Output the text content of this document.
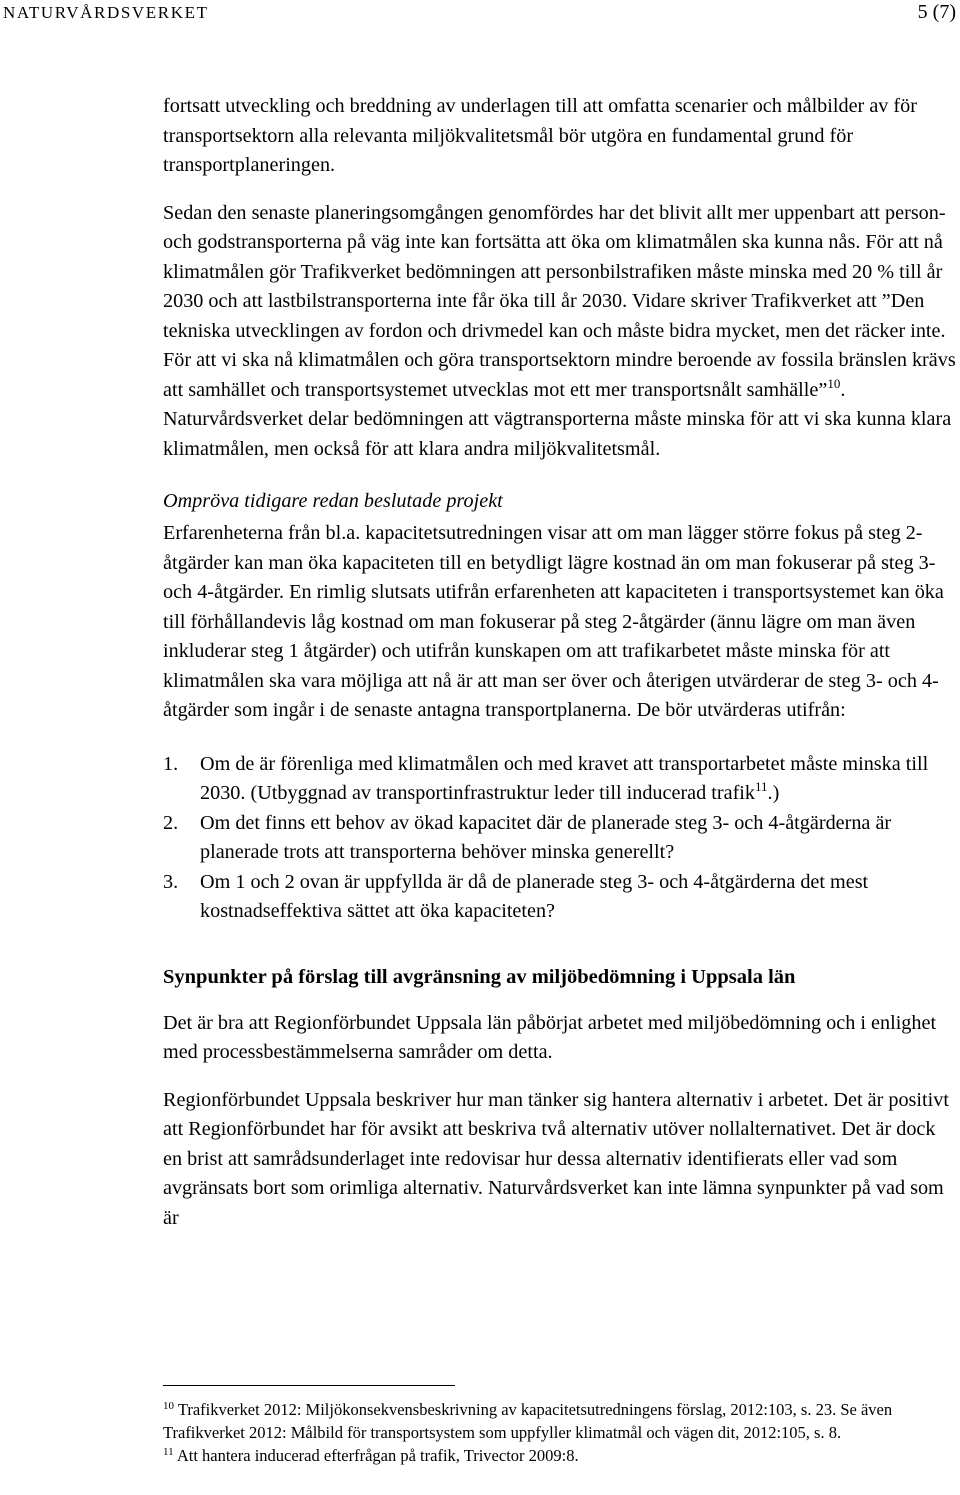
NATURVÅRDSVERKET	5 (7)

fortsatt utveckling och breddning av underlagen till att omfatta scenarier och målbilder av för transportsektorn alla relevanta miljökvalitetsmål bör utgöra en fundamental grund för transportplaneringen.

Sedan den senaste planeringsomgången genomfördes har det blivit allt mer uppenbart att person- och godstransporterna på väg inte kan fortsätta att öka om klimatmålen ska kunna nås. För att nå klimatmålen gör Trafikverket bedömningen att personbilstrafiken måste minska med 20 % till år 2030 och att lastbilstransporterna inte får öka till år 2030. Vidare skriver Trafikverket att ”Den tekniska utvecklingen av fordon och drivmedel kan och måste bidra mycket, men det räcker inte. För att vi ska nå klimatmålen och göra transportsektorn mindre beroende av fossila bränslen krävs att samhället och transportsystemet utvecklas mot ett mer transportsnålt samhälle”$^{10}$. Naturvårdsverket delar bedömningen att vägtransporterna måste minska för att vi ska kunna klara klimatmålen, men också för att klara andra miljökvalitetsmål.

Ompröva tidigare redan beslutade projekt

Erfarenheterna från bl.a. kapacitetsutredningen visar att om man lägger större fokus på steg 2-åtgärder kan man öka kapaciteten till en betydligt lägre kostnad än om man fokuserar på steg 3- och 4-åtgärder. En rimlig slutsats utifrån erfarenheten att kapaciteten i transportsystemet kan öka till förhållandevis låg kostnad om man fokuserar på steg 2-åtgärder (ännu lägre om man även inkluderar steg 1 åtgärder) och utifrån kunskapen om att trafikarbetet måste minska för att klimatmålen ska vara möjliga att nå är att man ser över och återigen utvärderar de steg 3- och 4-åtgärder som ingår i de senaste antagna transportplanerna. De bör utvärderas utifrån:

1. Om de är förenliga med klimatmålen och med kravet att transportarbetet måste minska till 2030. (Utbyggnad av transportinfrastruktur leder till inducerad trafik$^{11}$.)
2. Om det finns ett behov av ökad kapacitet där de planerade steg 3- och 4-åtgärderna är planerade trots att transporterna behöver minska generellt?
3. Om 1 och 2 ovan är uppfyllda är då de planerade steg 3- och 4-åtgärderna det mest kostnadseffektiva sättet att öka kapaciteten?
Synpunkter på förslag till avgränsning av miljöbedömning i Uppsala län

Det är bra att Regionförbundet Uppsala län påbörjat arbetet med miljöbedömning och i enlighet med processbestämmelserna samråder om detta.

Regionförbundet Uppsala beskriver hur man tänker sig hantera alternativ i arbetet. Det är positivt att Regionförbundet har för avsikt att beskriva två alternativ utöver nollalternativet. Det är dock en brist att samrådsunderlaget inte redovisar hur dessa alternativ identifierats eller vad som avgränsats bort som orimliga alternativ. Naturvårdsverket kan inte lämna synpunkter på vad som är

$^{10}$ Trafikverket 2012: Miljökonsekvensbeskrivning av kapacitetsutredningens förslag, 2012:103, s. 23. Se även Trafikverket 2012: Målbild för transportsystem som uppfyller klimatmål och vägen dit, 2012:105, s. 8.

$^{11}$ Att hantera inducerad efterfrågan på trafik, Trivector 2009:8.
